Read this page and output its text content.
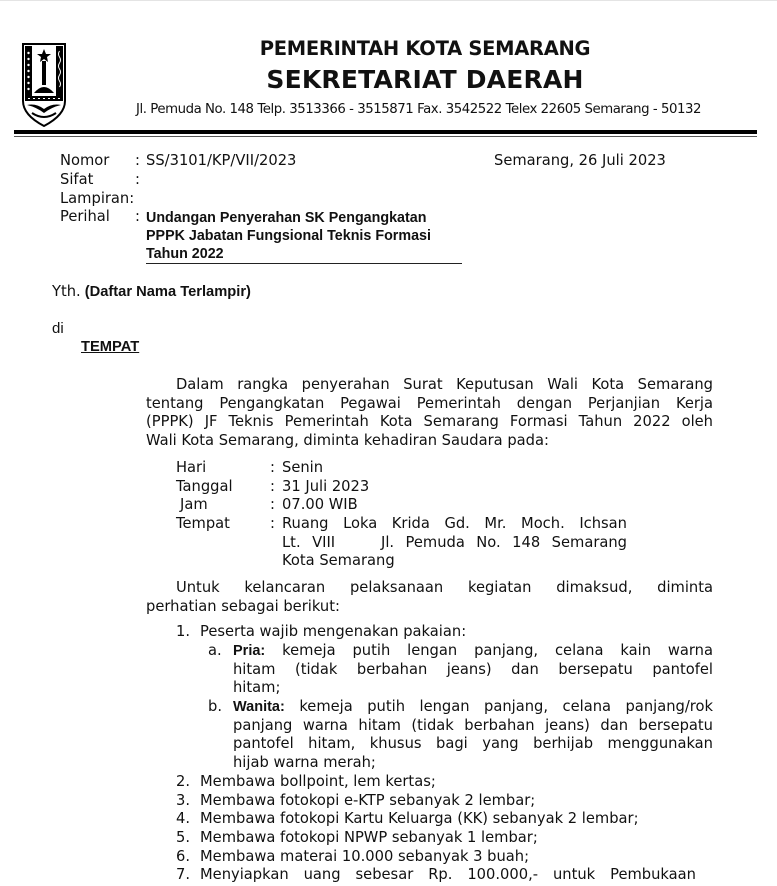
PEMERINTAH KOTA SEMARANG
SEKRETARIAT DAERAH
Jl. Pemuda No. 148 Telp. 3513366 - 3515871 Fax. 3542522 Telex 22605 Semarang - 50132
Nomor : SS/3101/KP/VII/2023	Semarang, 26 Juli 2023
Sifat	:
Lampiran:
Perihal : Undangan Penyerahan SK Pengangkatan
PPPK Jabatan Fungsional Teknis Formasi
Tahun 2022
Yth. (Daftar Nama Terlampir)
di
TEMPAT
Dalam rangka penyerahan Surat Keputusan Wali Kota Semarang
tentang Pengangkatan Pegawai Pemerintah dengan Perjanjian Kerja
(PPPK) JF Teknis Pemerintah Kota Semarang Formasi Tahun 2022 oleh
Wali Kota Semarang, diminta kehadiran Saudara pada:
Hari	: Senin
Tanggal	: 31 Juli 2023
Jam	: 07.00 WIB
Tempat	: Ruang Loka Krida Gd. Mr. Moch. Ichsan
Lt. VIII    Jl. Pemuda No. 148 Semarang
Kota Semarang
Untuk kelancaran pelaksanaan kegiatan dimaksud, diminta
perhatian sebagai berikut:
1. Peserta wajib mengenakan pakaian:
a. Pria: kemeja putih lengan panjang, celana kain warna
hitam (tidak berbahan jeans) dan bersepatu pantofel
hitam;
b. Wanita: kemeja putih lengan panjang, celana panjang/rok
panjang warna hitam (tidak berbahan jeans) dan bersepatu
pantofel hitam, khusus bagi yang berhijab menggunakan
hijab warna merah;
2. Membawa bollpoint, lem kertas;
3. Membawa fotokopi e-KTP sebanyak 2 lembar;
4. Membawa fotokopi Kartu Keluarga (KK) sebanyak 2 lembar;
5. Membawa fotokopi NPWP sebanyak 1 lembar;
6. Membawa materai 10.000 sebanyak 3 buah;
7. Menyiapkan uang sebesar Rp. 100.000,- untuk Pembukaan
